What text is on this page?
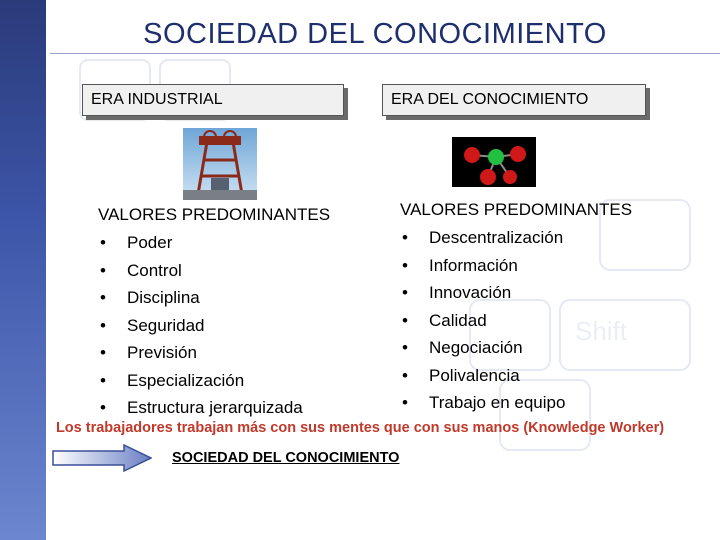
Shift
SOCIEDAD DEL CONOCIMIENTO
ERA INDUSTRIAL	ERA DEL CONOCIMIENTO
VALORES PREDOMINANTES
• Poder
• Control
• Disciplina
• Seguridad
• Previsión
• Especialización
• Estructura jerarquizada
VALORES PREDOMINANTES
• Descentralización
• Información
• Innovación
• Calidad
• Negociación
• Polivalencia
• Trabajo en equipo
Los trabajadores trabajan más con sus mentes que con sus manos (Knowledge Worker)
SOCIEDAD DEL CONOCIMIENTO
